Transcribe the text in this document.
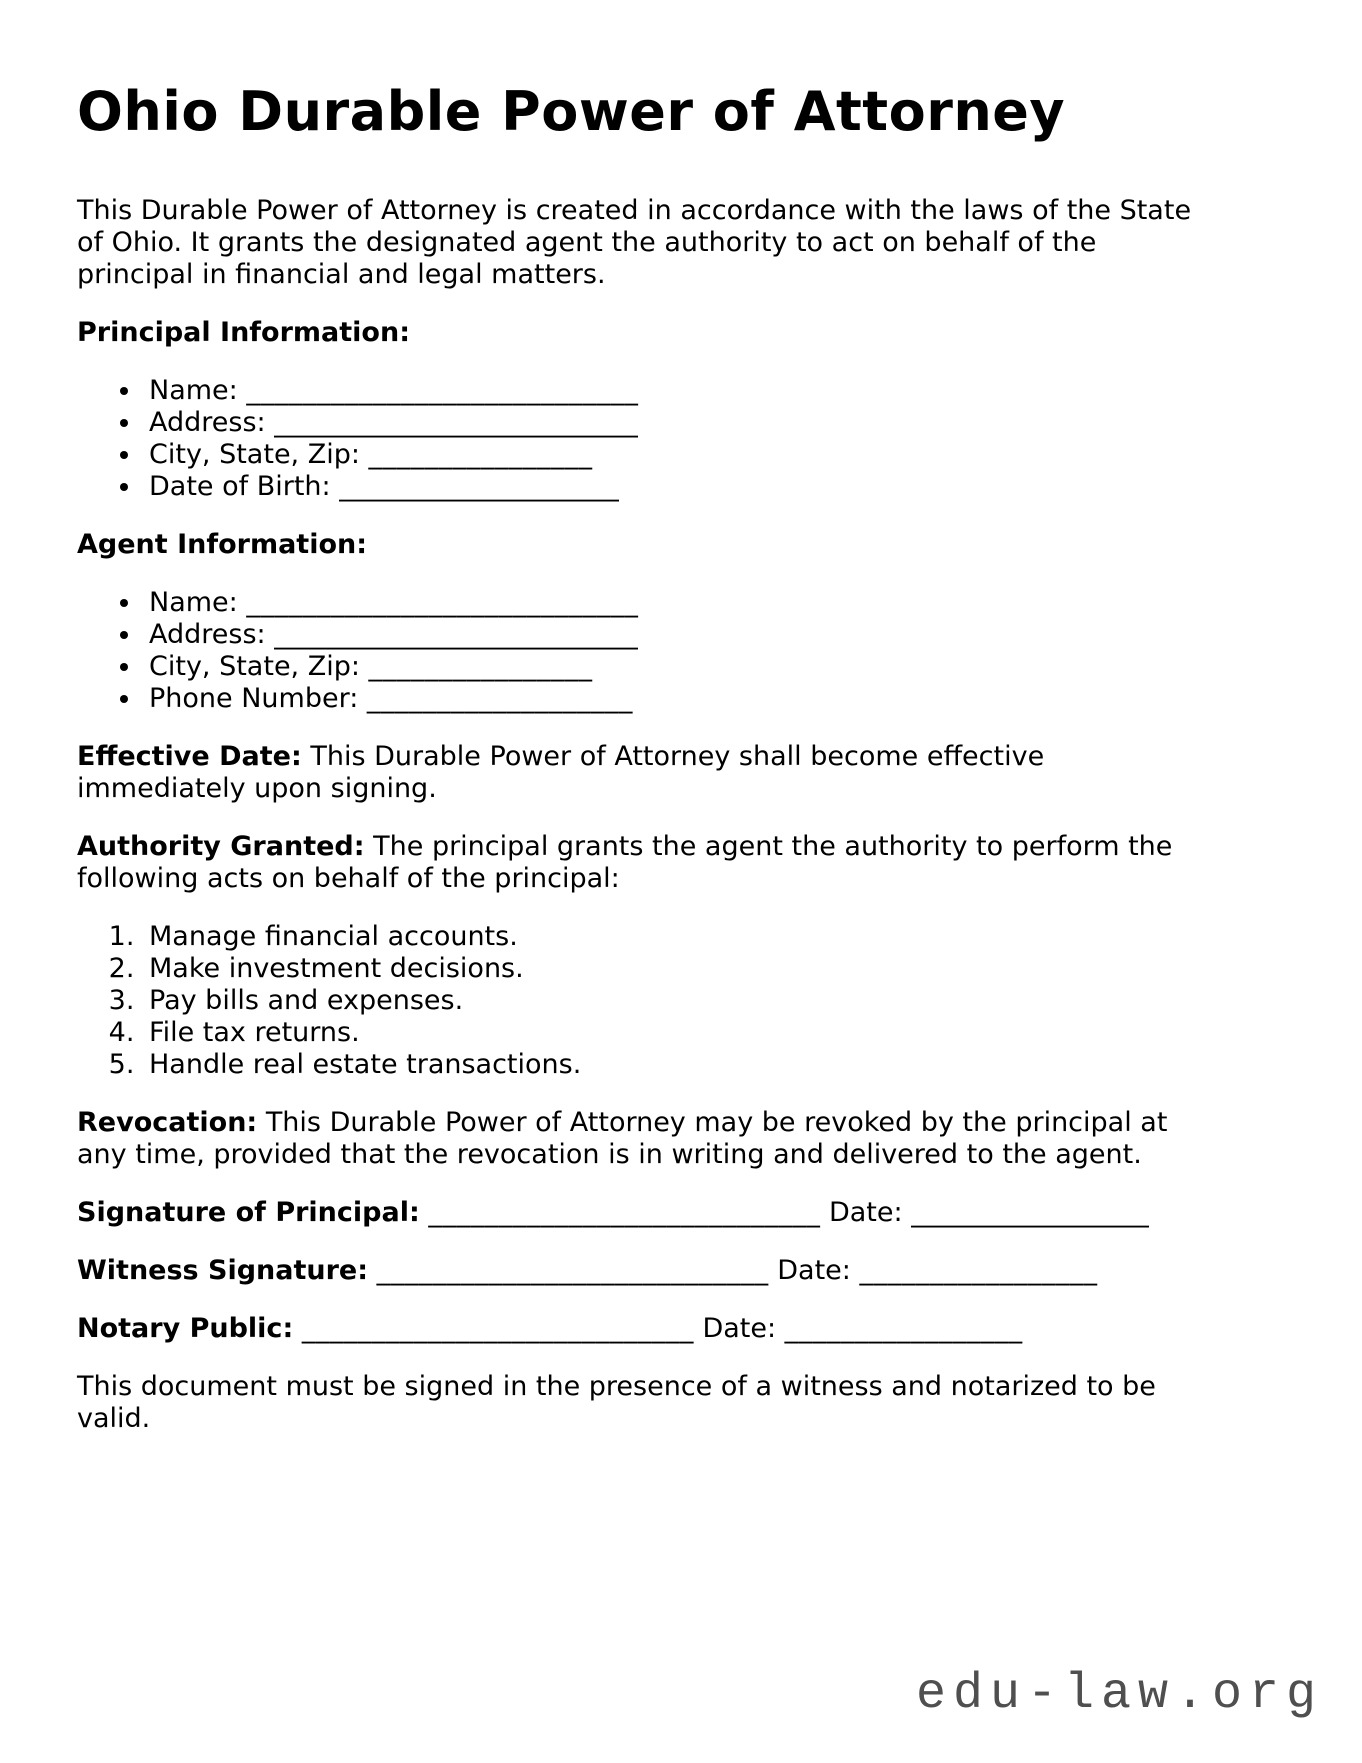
Ohio Durable Power of Attorney

This Durable Power of Attorney is created in accordance with the laws of the State of Ohio. It grants the designated agent the authority to act on behalf of the principal in financial and legal matters.

Principal Information:

• Name: ____________________________
• Address: __________________________
• City, State, Zip: ________________
• Date of Birth: ____________________

Agent Information:

• Name: ____________________________
• Address: __________________________
• City, State, Zip: ________________
• Phone Number: ___________________

Effective Date: This Durable Power of Attorney shall become effective immediately upon signing.

Authority Granted: The principal grants the agent the authority to perform the following acts on behalf of the principal:

1. Manage financial accounts.
2. Make investment decisions.
3. Pay bills and expenses.
4. File tax returns.
5. Handle real estate transactions.

Revocation: This Durable Power of Attorney may be revoked by the principal at any time, provided that the revocation is in writing and delivered to the agent.

Signature of Principal: ____________________________ Date: _________________

Witness Signature: ____________________________ Date: _________________

Notary Public: ____________________________ Date: _________________

This document must be signed in the presence of a witness and notarized to be valid.

edu-law.org
